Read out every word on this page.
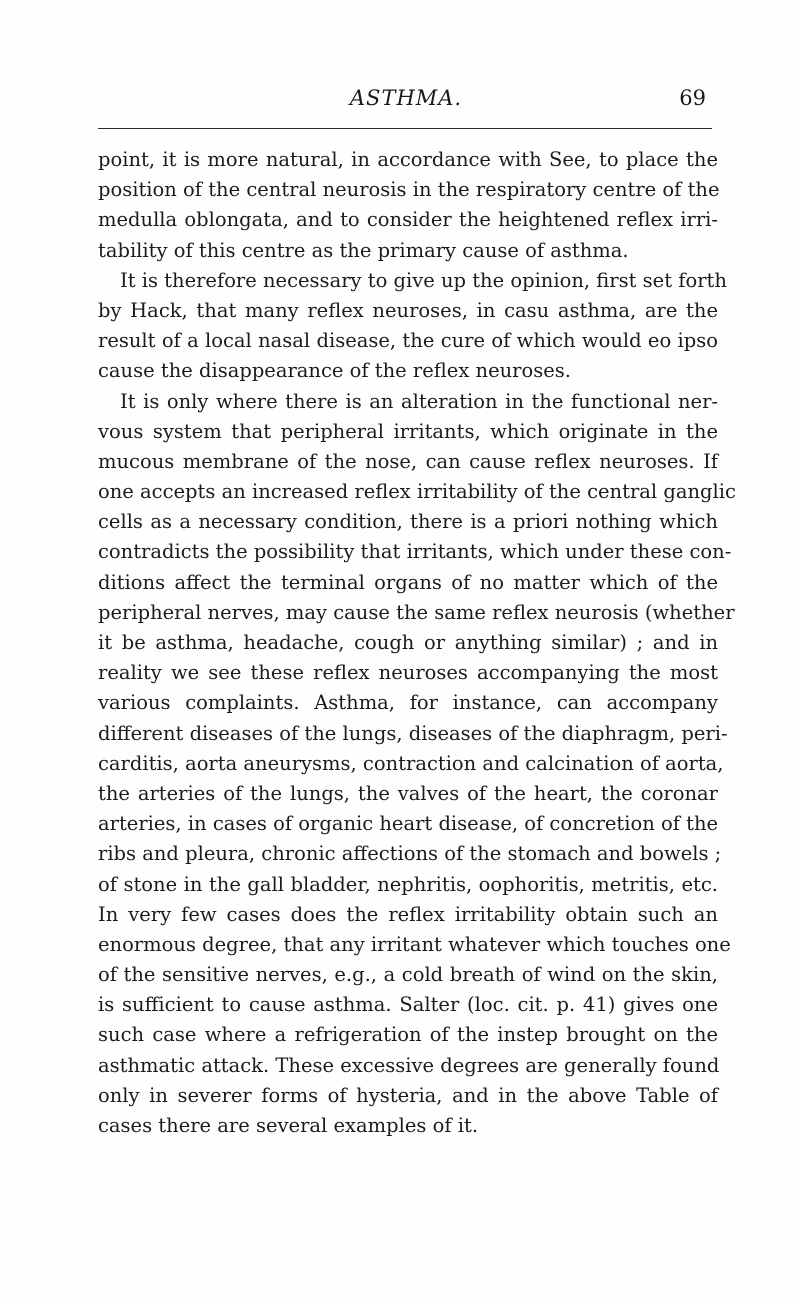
ASTHMA.	69
point, it is more natural, in accordance with See, to place the
position of the central neurosis in the respiratory centre of the
medulla oblongata, and to consider the heightened reflex irri-
tability of this centre as the primary cause of asthma.
It is therefore necessary to give up the opinion, first set forth
by Hack, that many reflex neuroses, in casu asthma, are the
result of a local nasal disease, the cure of which would eo ipso
cause the disappearance of the reflex neuroses.
It is only where there is an alteration in the functional ner-
vous system that peripheral irritants, which originate in the
mucous membrane of the nose, can cause reflex neuroses. If
one accepts an increased reflex irritability of the central ganglic
cells as a necessary condition, there is a priori nothing which
contradicts the possibility that irritants, which under these con-
ditions affect the terminal organs of no matter which of the
peripheral nerves, may cause the same reflex neurosis (whether
it be asthma, headache, cough or anything similar) ; and in
reality we see these reflex neuroses accompanying the most
various complaints. Asthma, for instance, can accompany
different diseases of the lungs, diseases of the diaphragm, peri-
carditis, aorta aneurysms, contraction and calcination of aorta,
the arteries of the lungs, the valves of the heart, the coronar
arteries, in cases of organic heart disease, of concretion of the
ribs and pleura, chronic affections of the stomach and bowels ;
of stone in the gall bladder, nephritis, oophoritis, metritis, etc.
In very few cases does the reflex irritability obtain such an
enormous degree, that any irritant whatever which touches one
of the sensitive nerves, e.g., a cold breath of wind on the skin,
is sufficient to cause asthma. Salter (loc. cit. p. 41) gives one
such case where a refrigeration of the instep brought on the
asthmatic attack. These excessive degrees are generally found
only in severer forms of hysteria, and in the above Table of
cases there are several examples of it.
